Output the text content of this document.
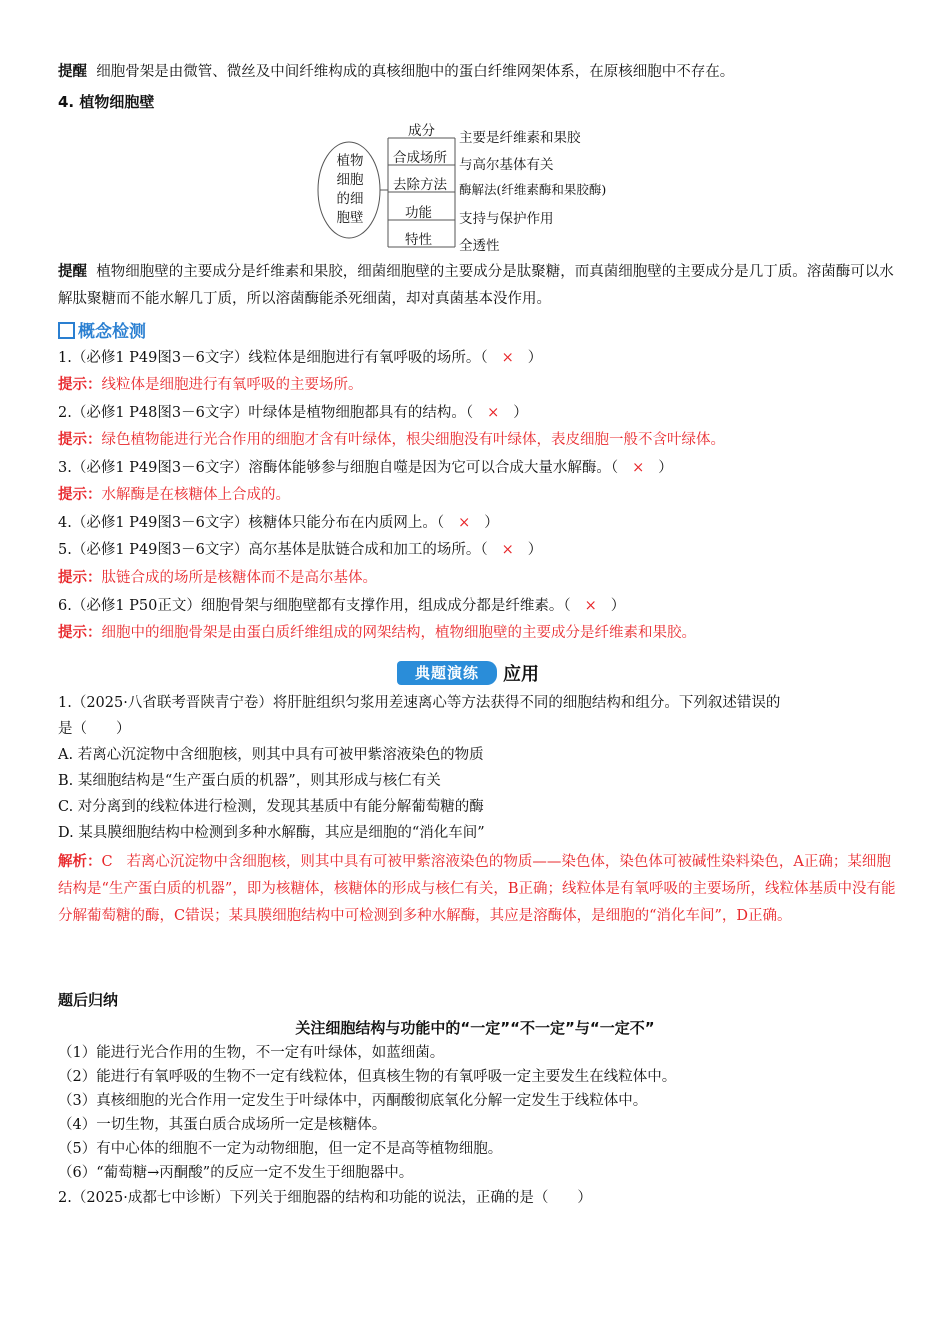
提醒 细胞骨架是由微管、微丝及中间纤维构成的真核细胞中的蛋白纤维网架体系，在原核细胞中不存在。
4. 植物细胞壁
植物
细胞
的细
胞壁
成分
合成场所
去除方法
功能
特性
主要是纤维素和果胶
与高尔基体有关
酶解法(纤维素酶和果胶酶)
支持与保护作用
全透性
提醒 植物细胞壁的主要成分是纤维素和果胶，细菌细胞壁的主要成分是肽聚糖，而真菌细胞壁的主要成分是几丁质。溶菌酶可以水解肽聚糖而不能水解几丁质，所以溶菌酶能杀死细菌，却对真菌基本没作用。
概念检测
1.（必修1 P49图3－6文字）线粒体是细胞进行有氧呼吸的场所。（ × ）
提示：线粒体是细胞进行有氧呼吸的主要场所。
2.（必修1 P48图3－6文字）叶绿体是植物细胞都具有的结构。（ × ）
提示：绿色植物能进行光合作用的细胞才含有叶绿体，根尖细胞没有叶绿体，表皮细胞一般不含叶绿体。
3.（必修1 P49图3－6文字）溶酶体能够参与细胞自噬是因为它可以合成大量水解酶。（ × ）
提示：水解酶是在核糖体上合成的。
4.（必修1 P49图3－6文字）核糖体只能分布在内质网上。（ × ）
5.（必修1 P49图3－6文字）高尔基体是肽链合成和加工的场所。（ × ）
提示：肽链合成的场所是核糖体而不是高尔基体。
6.（必修1 P50正文）细胞骨架与细胞壁都有支撑作用，组成成分都是纤维素。（ × ）
提示：细胞中的细胞骨架是由蛋白质纤维组成的网架结构，植物细胞壁的主要成分是纤维素和果胶。
典题演练	应用
1.（2025·八省联考晋陕青宁卷）将肝脏组织匀浆用差速离心等方法获得不同的细胞结构和组分。下列叙述错误的
是（　　）
A. 若离心沉淀物中含细胞核，则其中具有可被甲紫溶液染色的物质
B. 某细胞结构是“生产蛋白质的机器”，则其形成与核仁有关
C. 对分离到的线粒体进行检测，发现其基质中有能分解葡萄糖的酶
D. 某具膜细胞结构中检测到多种水解酶，其应是细胞的“消化车间”
解析：C 若离心沉淀物中含细胞核，则其中具有可被甲紫溶液染色的物质——染色体，染色体可被碱性染料染色，A正确；某细胞结构是“生产蛋白质的机器”，即为核糖体，核糖体的形成与核仁有关，B正确；线粒体是有氧呼吸的主要场所，线粒体基质中没有能分解葡萄糖的酶，C错误；某具膜细胞结构中可检测到多种水解酶，其应是溶酶体，是细胞的“消化车间”，D正确。
题后归纳
关注细胞结构与功能中的“一定”“不一定”与“一定不”
（1）能进行光合作用的生物，不一定有叶绿体，如蓝细菌。
（2）能进行有氧呼吸的生物不一定有线粒体，但真核生物的有氧呼吸一定主要发生在线粒体中。
（3）真核细胞的光合作用一定发生于叶绿体中，丙酮酸彻底氧化分解一定发生于线粒体中。
（4）一切生物，其蛋白质合成场所一定是核糖体。
（5）有中心体的细胞不一定为动物细胞，但一定不是高等植物细胞。
（6）“葡萄糖→丙酮酸”的反应一定不发生于细胞器中。
2.（2025·成都七中诊断）下列关于细胞器的结构和功能的说法，正确的是（　　）
